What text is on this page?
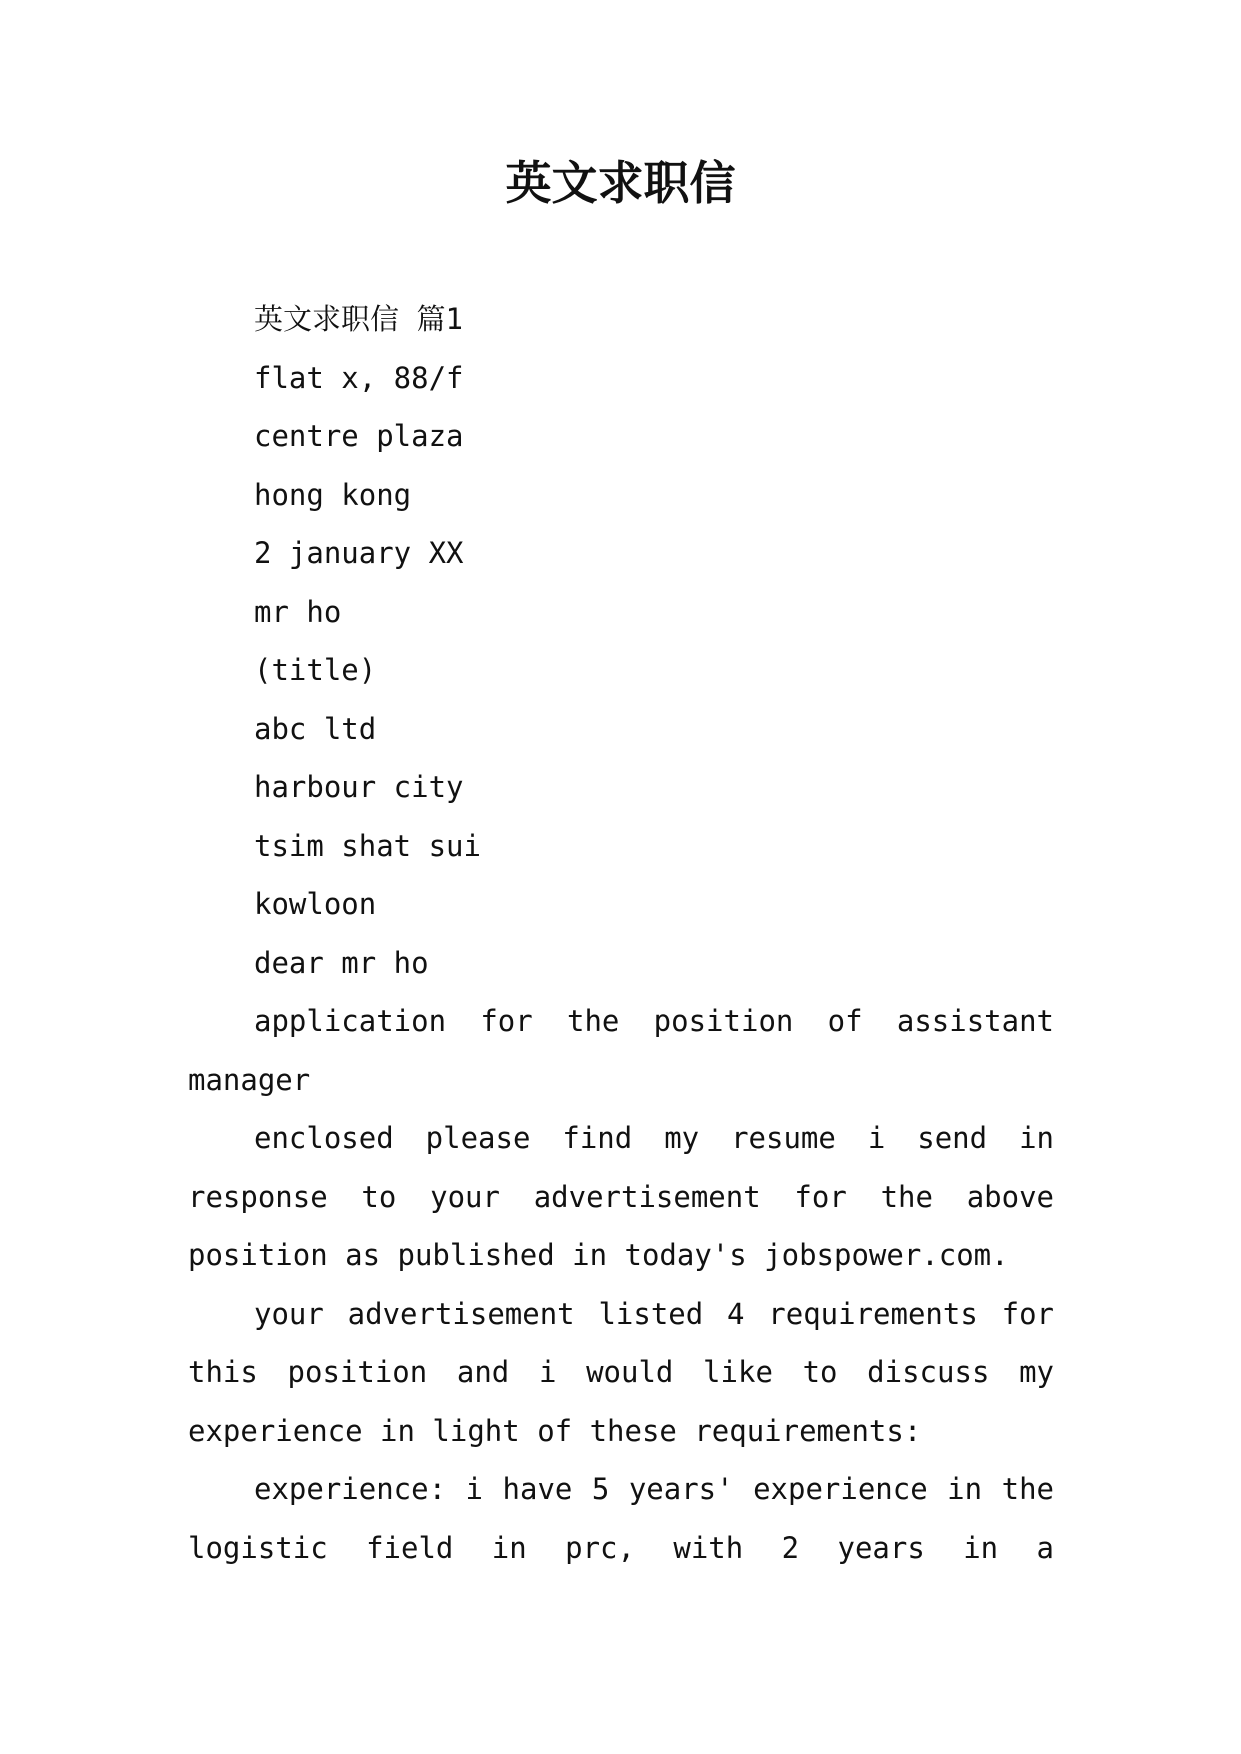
英文求职信

英文求职信 篇1

flat x, 88/f

centre plaza

hong kong

2 january XX

mr ho

(title)

abc ltd

harbour city

tsim shat sui

kowloon

dear mr ho

application for the position of assistant manager

enclosed please find my resume i send in response to your advertisement for the above position as published in today's jobspower.com.

your advertisement listed 4 requirements for this position and i would like to discuss my experience in light of these requirements:

experience: i have 5 years' experience in the logistic field in prc, with 2 years in a
